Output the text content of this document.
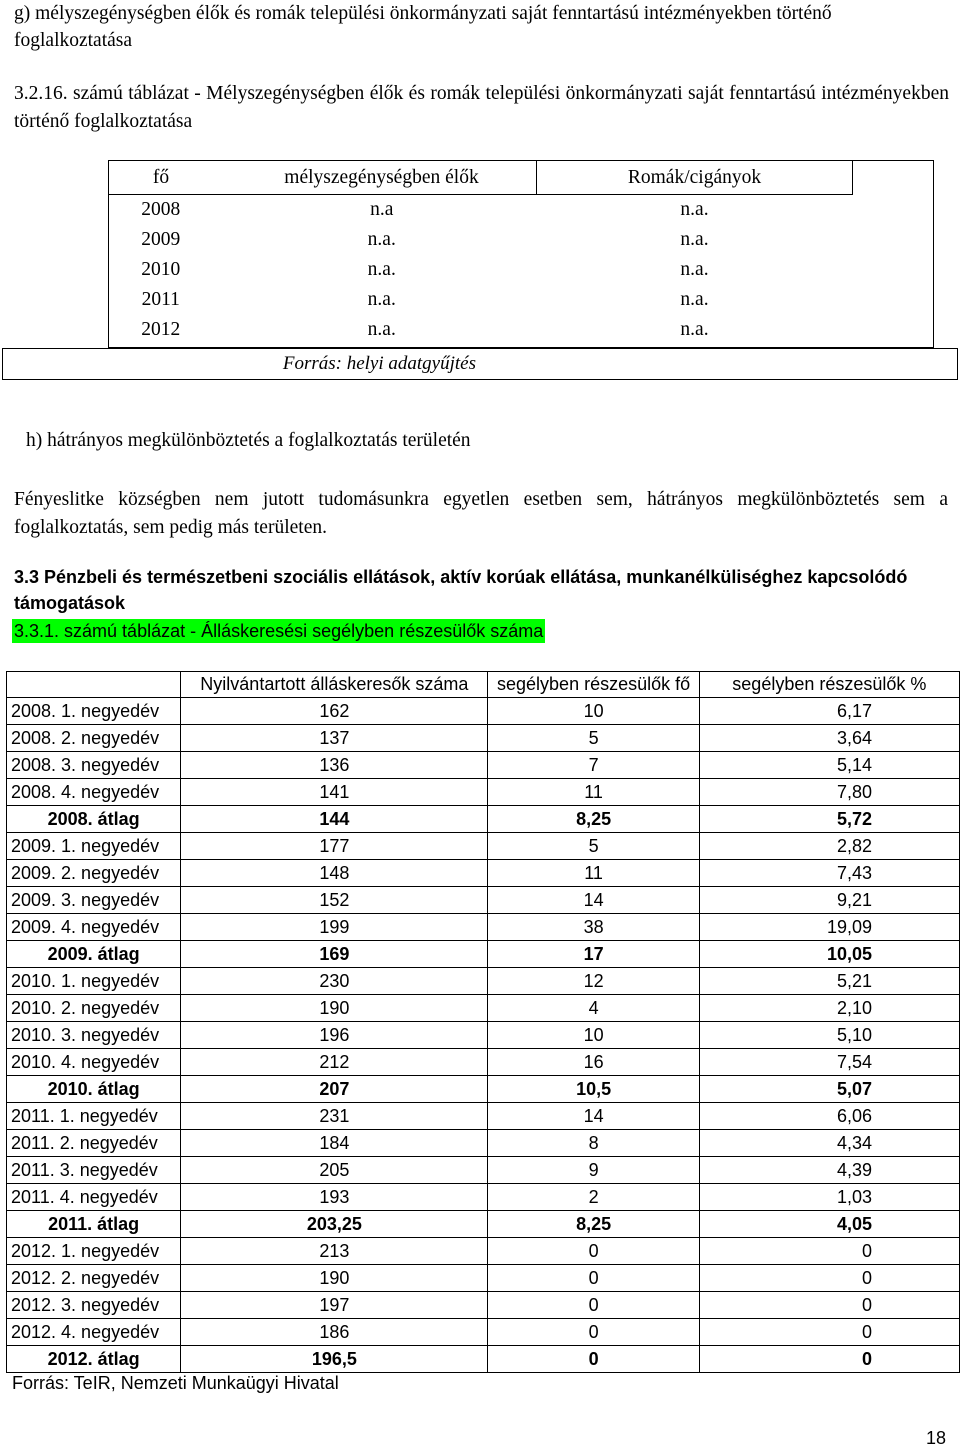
g) mélyszegénységben élők és romák települési önkormányzati saját fenntartású intézményekben történő foglalkoztatása
3.2.16. számú táblázat - Mélyszegénységben élők és romák települési önkormányzati saját fenntartású intézményekben történő foglalkoztatása
fő	mélyszegénységben élők	Romák/cigányok
2008	n.a	n.a.
2009	n.a.	n.a.
2010	n.a.	n.a.
2011	n.a.	n.a.
2012	n.a.	n.a.
Forrás: helyi adatgyűjtés
h) hátrányos megkülönböztetés a foglalkoztatás területén
Fényeslitke községben nem jutott tudomásunkra egyetlen esetben sem, hátrányos megkülönböztetés sem a foglalkoztatás, sem pedig más területen.
3.3 Pénzbeli és természetbeni szociális ellátások, aktív korúak ellátása, munkanélküliséghez kapcsolódó támogatások
3.3.1. számú táblázat - Álláskeresési segélyben részesülők száma
	Nyilvántartott álláskeresők száma	segélyben részesülők fő	segélyben részesülők %
2008. 1. negyedév	162	10	6,17
2008. 2. negyedév	137	5	3,64
2008. 3. negyedév	136	7	5,14
2008. 4. negyedév	141	11	7,80
2008. átlag	144	8,25	5,72
2009. 1. negyedév	177	5	2,82
2009. 2. negyedév	148	11	7,43
2009. 3. negyedév	152	14	9,21
2009. 4. negyedév	199	38	19,09
2009. átlag	169	17	10,05
2010. 1. negyedév	230	12	5,21
2010. 2. negyedév	190	4	2,10
2010. 3. negyedév	196	10	5,10
2010. 4. negyedév	212	16	7,54
2010. átlag	207	10,5	5,07
2011. 1. negyedév	231	14	6,06
2011. 2. negyedév	184	8	4,34
2011. 3. negyedév	205	9	4,39
2011. 4. negyedév	193	2	1,03
2011. átlag	203,25	8,25	4,05
2012. 1. negyedév	213	0	0
2012. 2. negyedév	190	0	0
2012. 3. negyedév	197	0	0
2012. 4. negyedév	186	0	0
2012. átlag	196,5	0	0
Forrás: TeIR, Nemzeti Munkaügyi Hivatal
18
